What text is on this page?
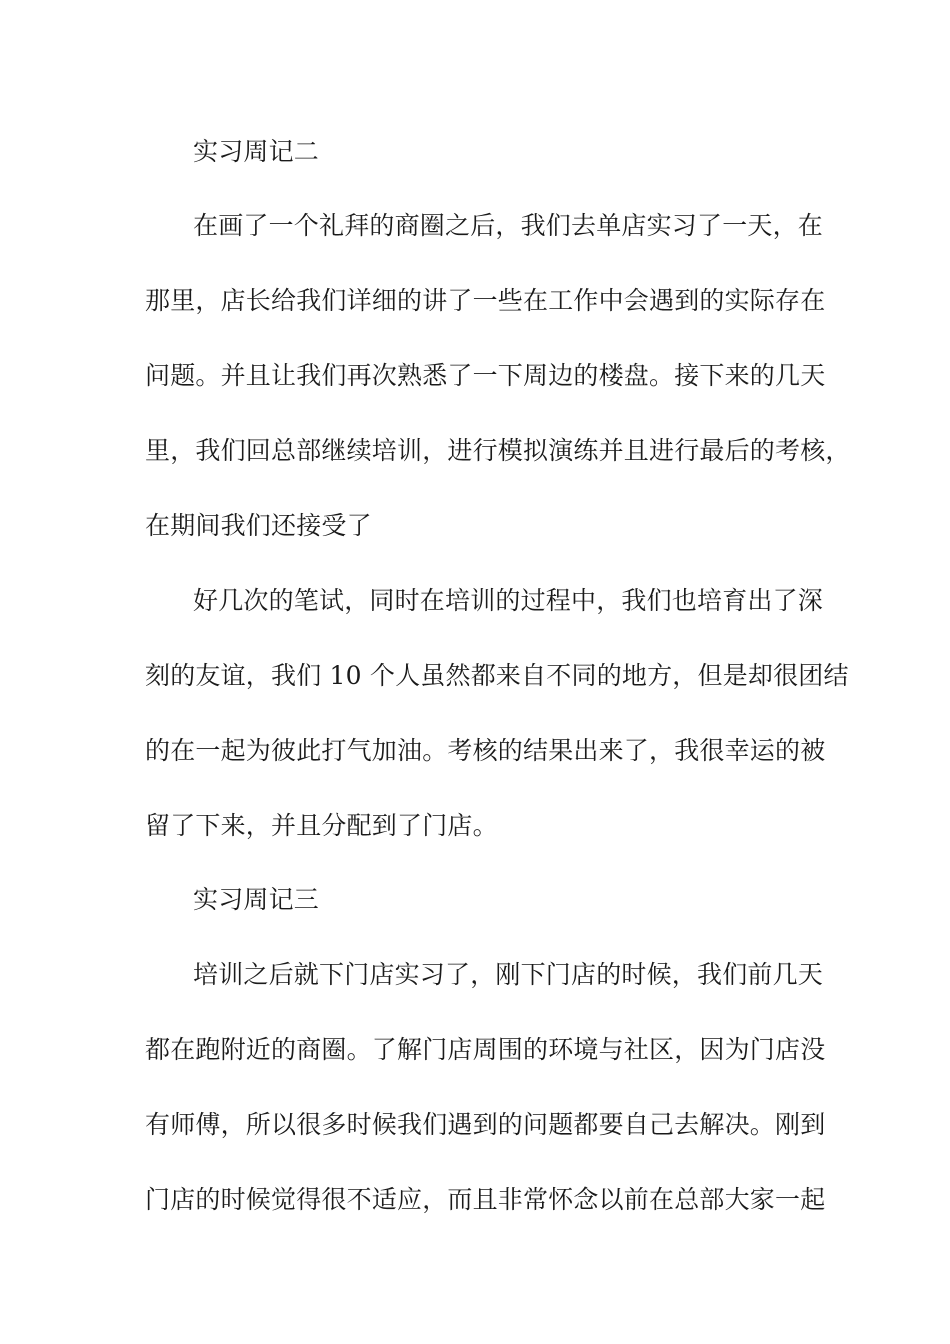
实习周记二
在画了一个礼拜的商圈之后，我们去单店实习了一天，在
那里，店长给我们详细的讲了一些在工作中会遇到的实际存在
问题。并且让我们再次熟悉了一下周边的楼盘。接下来的几天
里，我们回总部继续培训，进行模拟演练并且进行最后的考核，
在期间我们还接受了
好几次的笔试，同时在培训的过程中，我们也培育出了深
刻的友谊，我们 10 个人虽然都来自不同的地方，但是却很团结
的在一起为彼此打气加油。考核的结果出来了，我很幸运的被
留了下来，并且分配到了门店。
实习周记三
培训之后就下门店实习了，刚下门店的时候，我们前几天
都在跑附近的商圈。了解门店周围的环境与社区，因为门店没
有师傅，所以很多时候我们遇到的问题都要自己去解决。刚到
门店的时候觉得很不适应，而且非常怀念以前在总部大家一起
